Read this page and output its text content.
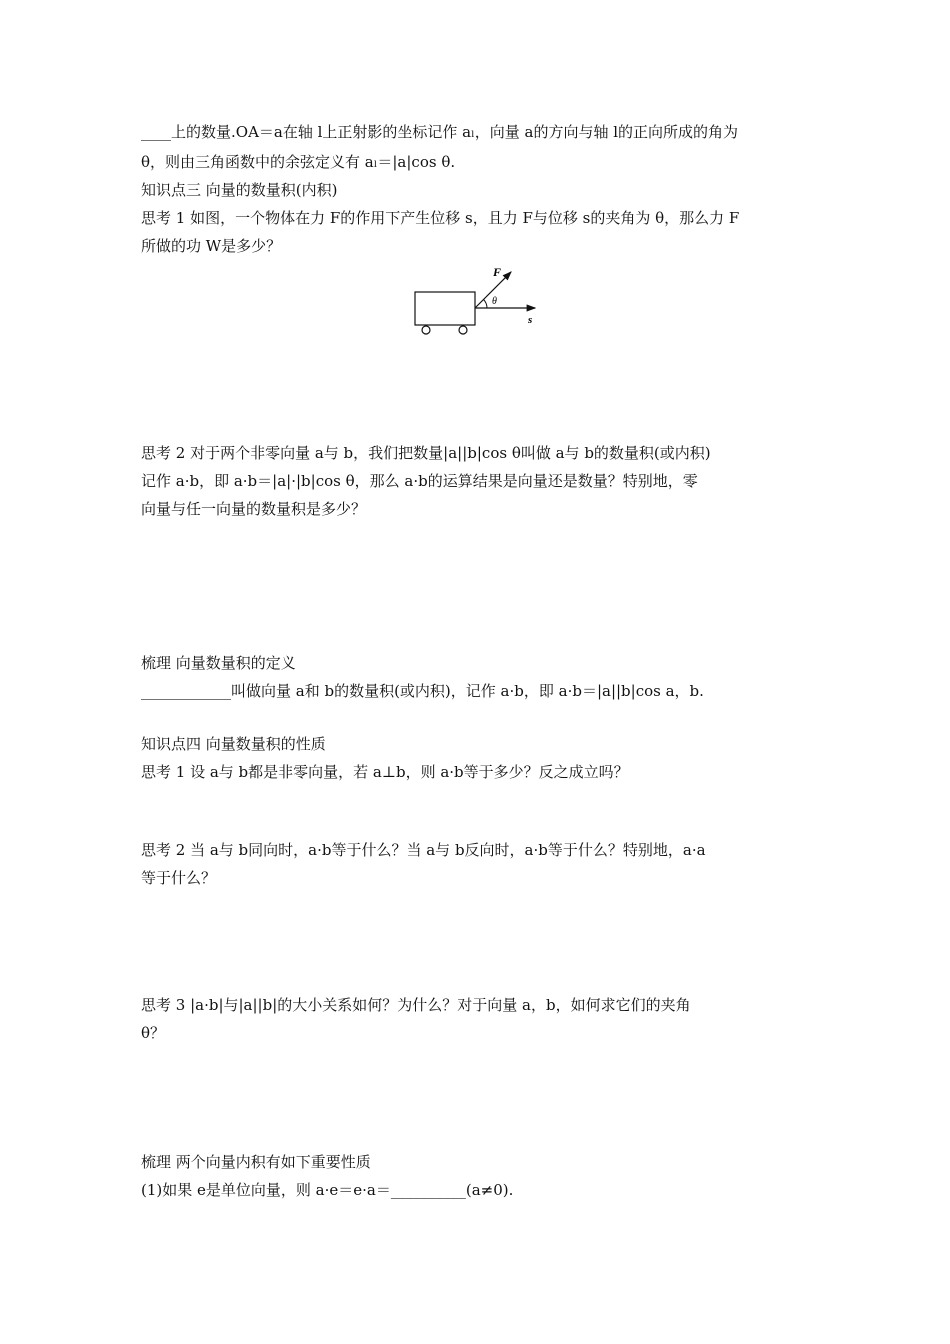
____上的数量.OA＝a在轴 l上正射影的坐标记作 aₗ，向量 a的方向与轴 l的正向所成的角为
θ，则由三角函数中的余弦定义有 aₗ＝|a|cos θ.
知识点三 向量的数量积(内积)
思考 1 如图，一个物体在力 F的作用下产生位移 s，且力 F与位移 s的夹角为 θ，那么力 F
所做的功 W是多少？
F
θ
s
思考 2 对于两个非零向量 a与 b，我们把数量|a||b|cos θ叫做 a与 b的数量积(或内积)
记作 a·b，即 a·b＝|a|·|b|cos θ，那么 a·b的运算结果是向量还是数量？特别地，零
向量与任一向量的数量积是多少？
梳理 向量数量积的定义
____________叫做向量 a和 b的数量积(或内积)，记作 a·b，即 a·b＝|a||b|cos a，b.
知识点四 向量数量积的性质
思考 1 设 a与 b都是非零向量，若 a⊥b，则 a·b等于多少？反之成立吗？
思考 2 当 a与 b同向时，a·b等于什么？当 a与 b反向时，a·b等于什么？特别地，a·a
等于什么？
思考 3 |a·b|与|a||b|的大小关系如何？为什么？对于向量 a，b，如何求它们的夹角
θ？
梳理 两个向量内积有如下重要性质
(1)如果 e是单位向量，则 a·e＝e·a＝__________(a≠0).
